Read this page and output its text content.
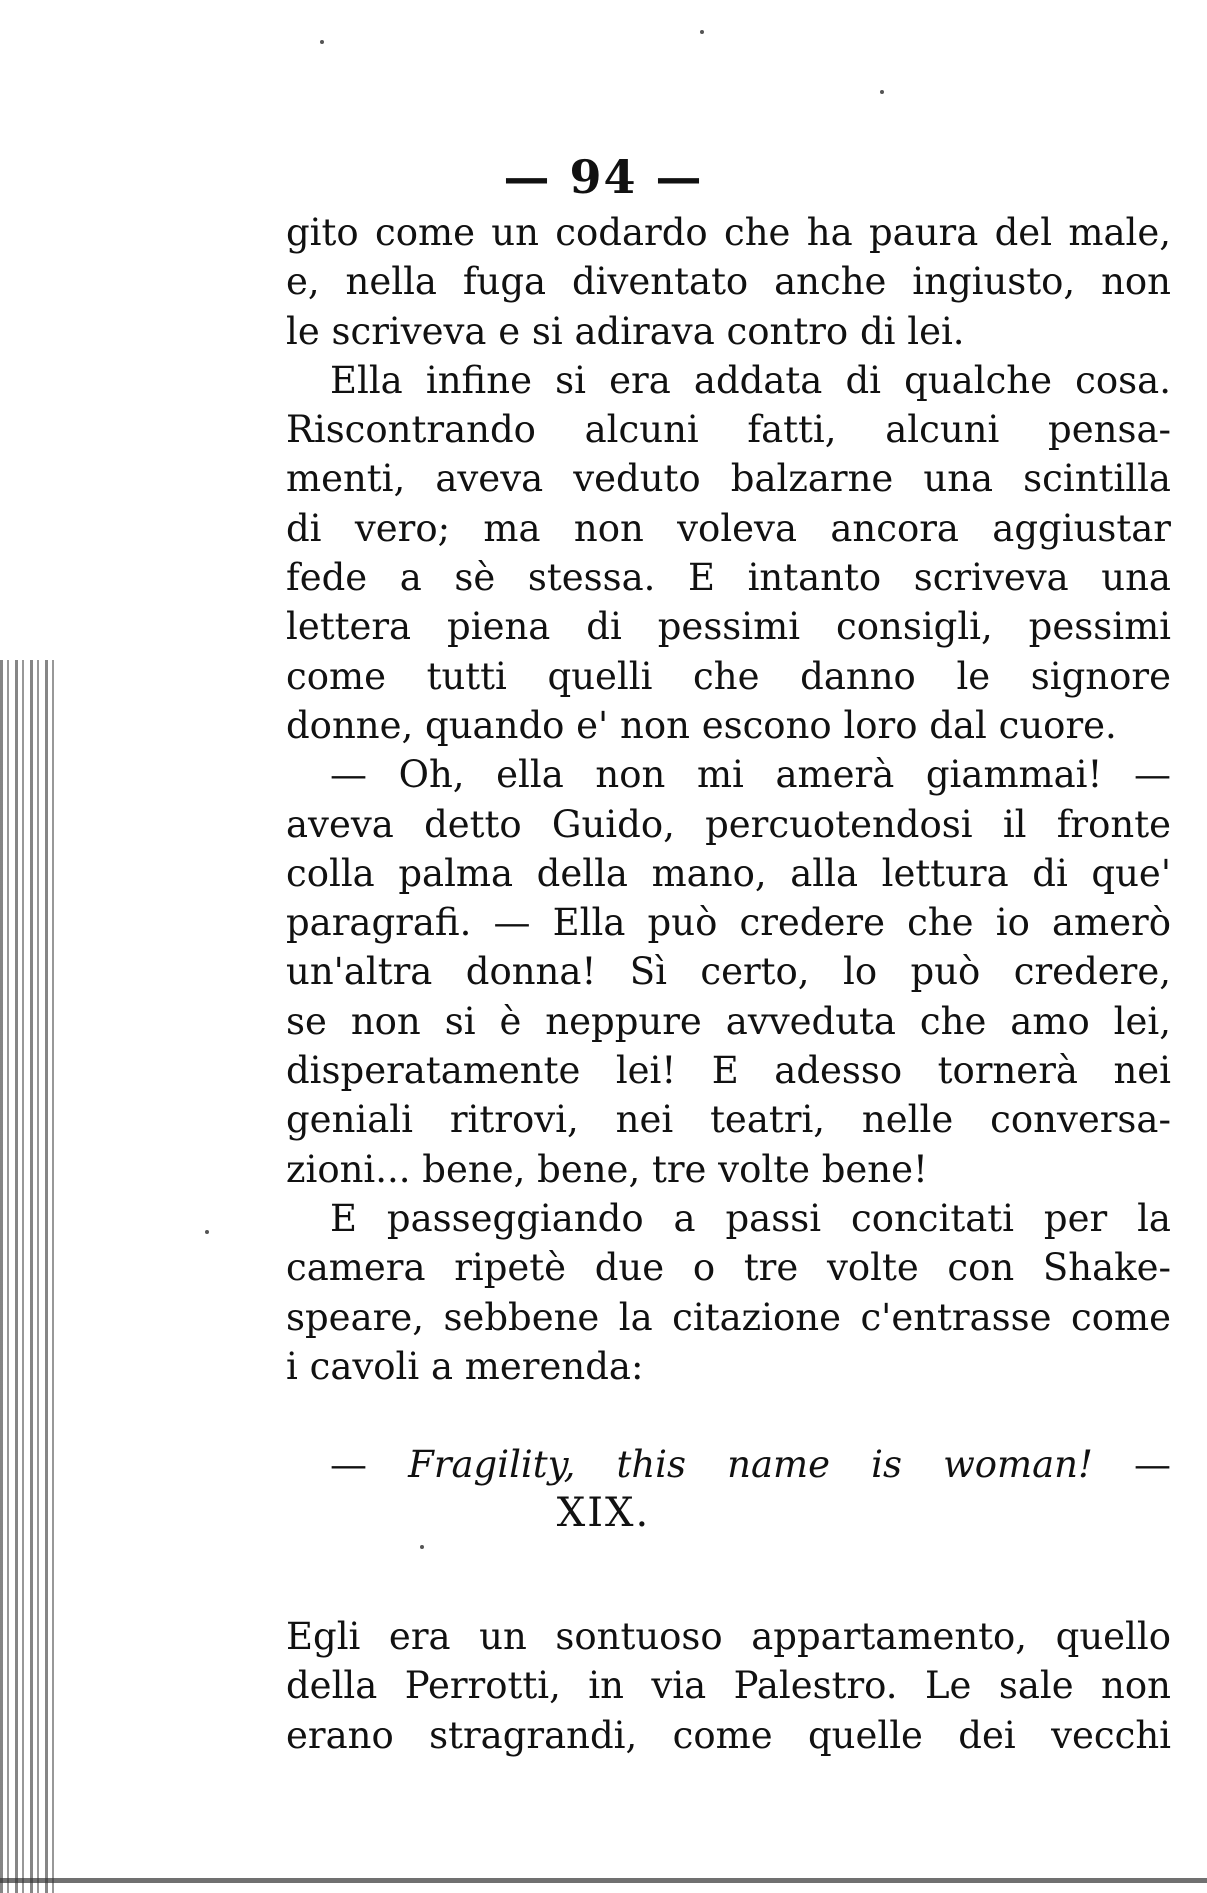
— 94 —
gito come un codardo che ha paura del male,
e, nella fuga diventato anche ingiusto, non
le scriveva e si adirava contro di lei.
Ella infine si era addata di qualche cosa.
Riscontrando alcuni fatti, alcuni pensa-
menti, aveva veduto balzarne una scintilla
di vero; ma non voleva ancora aggiustar
fede a sè stessa. E intanto scriveva una
lettera piena di pessimi consigli, pessimi
come tutti quelli che danno le signore
donne, quando e' non escono loro dal cuore.
— Oh, ella non mi amerà giammai! —
aveva detto Guido, percuotendosi il fronte
colla palma della mano, alla lettura di que'
paragrafi. — Ella può credere che io amerò
un'altra donna! Sì certo, lo può credere,
se non si è neppure avveduta che amo lei,
disperatamente lei! E adesso tornerà nei
geniali ritrovi, nei teatri, nelle conversa-
zioni... bene, bene, tre volte bene!
E passeggiando a passi concitati per la
camera ripetè due o tre volte con Shake-
speare, sebbene la citazione c'entrasse come
i cavoli a merenda:
— Fragility, this name is woman! —
XIX.
Egli era un sontuoso appartamento, quello
della Perrotti, in via Palestro. Le sale non
erano stragrandi, come quelle dei vecchi
